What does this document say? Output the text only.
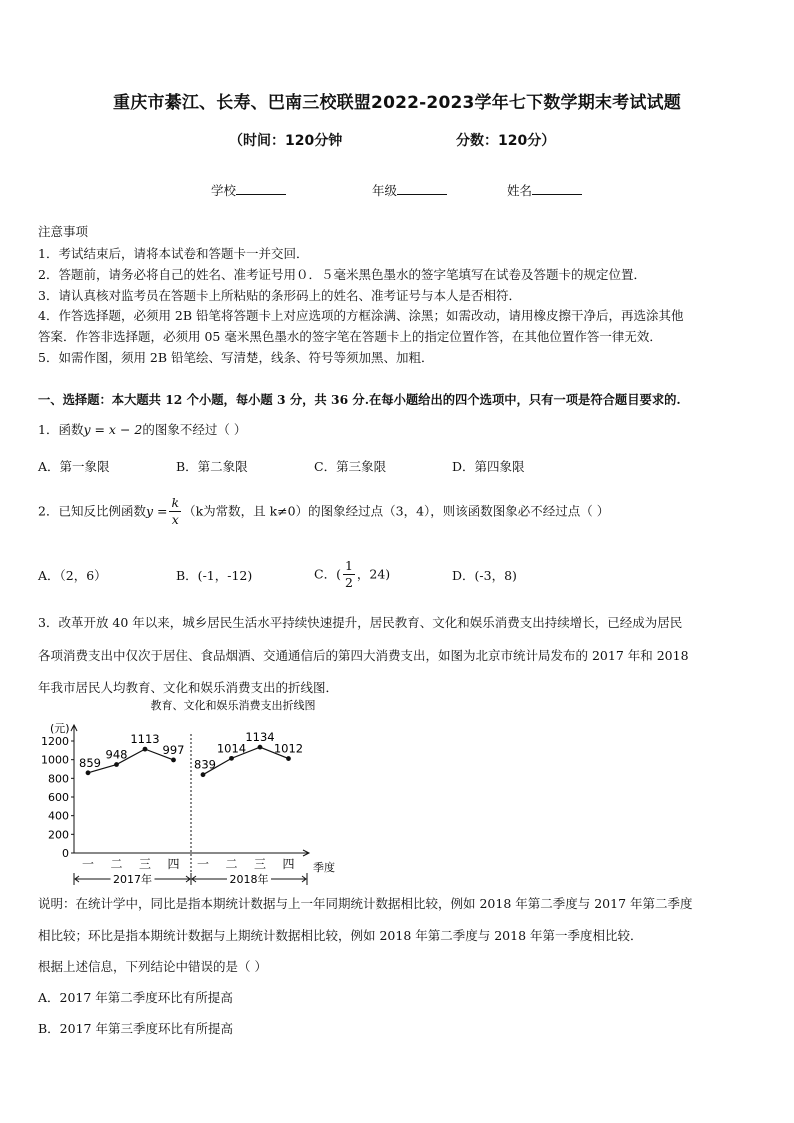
重庆市綦江、长寿、巴南三校联盟2022-2023学年七下数学期末考试试题
（时间：120分钟	分数：120分）
学校	年级	姓名
注意事项
1．考试结束后，请将本试卷和答题卡一并交回．
2．答题前，请务必将自己的姓名、准考证号用０．５毫米黑色墨水的签字笔填写在试卷及答题卡的规定位置．
3．请认真核对监考员在答题卡上所粘贴的条形码上的姓名、准考证号与本人是否相符．
4．作答选择题，必须用 2B 铅笔将答题卡上对应选项的方框涂满、涂黑；如需改动，请用橡皮擦干净后，再选涂其他
答案．作答非选择题，必须用 05 毫米黑色墨水的签字笔在答题卡上的指定位置作答，在其他位置作答一律无效．
5．如需作图，须用 2B 铅笔绘、写清楚，线条、符号等须加黑、加粗．
一、选择题：本大题共 12 个小题，每小题 3 分，共 36 分.在每小题给出的四个选项中，只有一项是符合题目要求的.
1．函数y = x − 2的图象不经过（ ）
A．第一象限	B．第二象限	C．第三象限	D．第四象限
2．已知反比例函数$y = \frac{k}{x} (k$为常数，且 k≠0）的图象经过点（3，4），则该函数图象必不经过点（ ）
A．（2，6）	B．(-1，-12)	C．( $\frac{1}{2}$ ，24)	D．(-3，8)
3．改革开放 40 年以来，城乡居民生活水平持续快速提升，居民教育、文化和娱乐消费支出持续增长，已经成为居民
各项消费支出中仅次于居住、食品烟酒、交通通信后的第四大消费支出，如图为北京市统计局发布的 2017 年和 2018
年我市居民人均教育、文化和娱乐消费支出的折线图．
教育、文化和娱乐消费支出折线图
(元)
0
200
400
600
800
1000
1200
一 二 三 四 一 二 三 四
2017年	2018年
859
948
1113
997
839
1014
1134
1012
季度
说明：在统计学中，同比是指本期统计数据与上一年同期统计数据相比较，例如 2018 年第二季度与 2017 年第二季度
相比较；环比是指本期统计数据与上期统计数据相比较，例如 2018 年第二季度与 2018 年第一季度相比较．
根据上述信息，下列结论中错误的是（ ）
A．2017 年第二季度环比有所提高
B．2017 年第三季度环比有所提高
